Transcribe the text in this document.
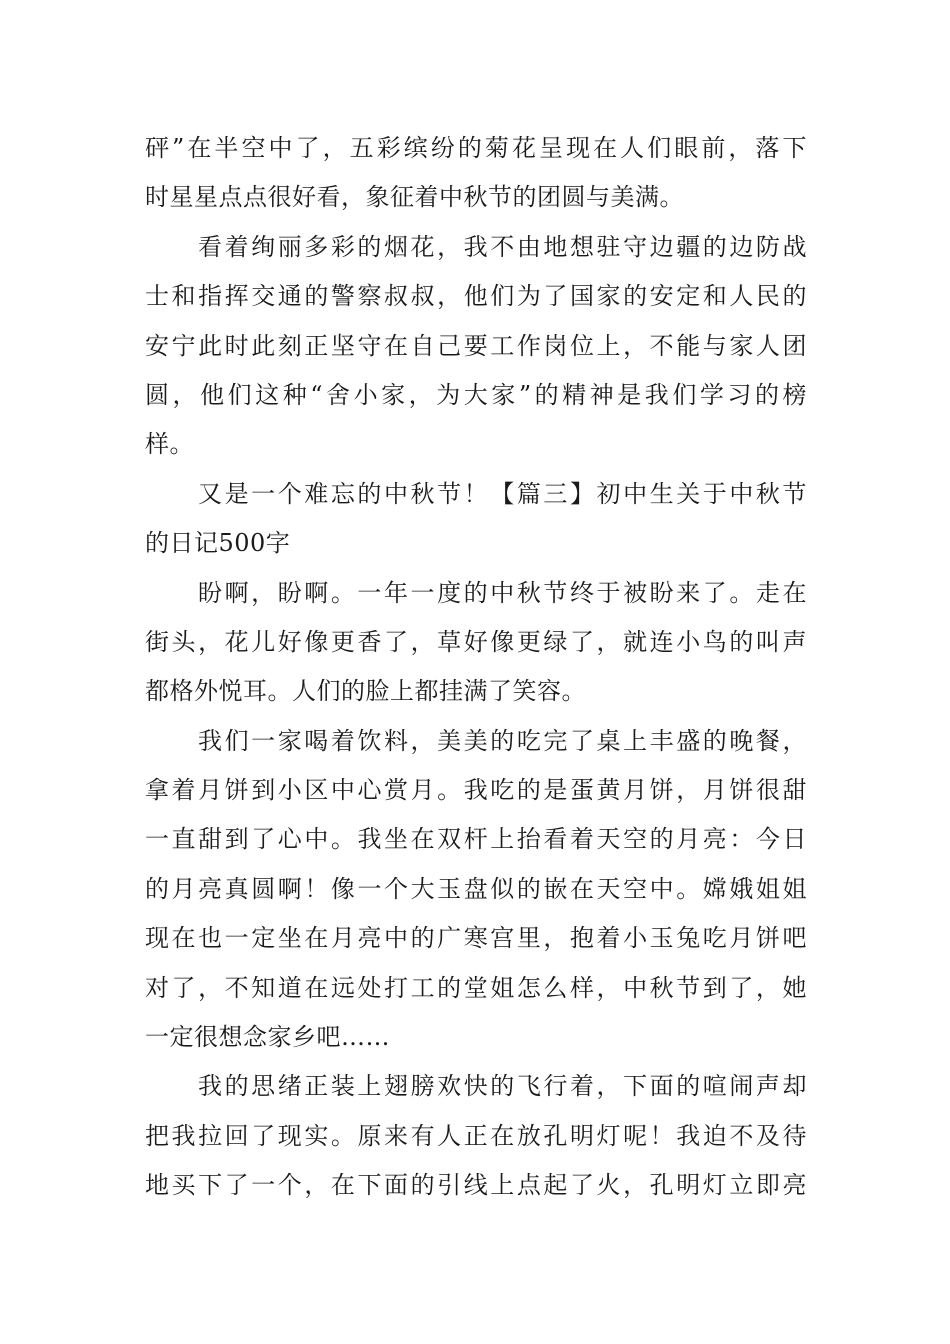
砰”在半空中了，五彩缤纷的菊花呈现在人们眼前，落下
时星星点点很好看，象征着中秋节的团圆与美满。
看着绚丽多彩的烟花，我不由地想驻守边疆的边防战
士和指挥交通的警察叔叔，他们为了国家的安定和人民的
安宁此时此刻正坚守在自己要工作岗位上，不能与家人团
圆，他们这种“舍小家，为大家”的精神是我们学习的榜
样。
又是一个难忘的中秋节！【篇三】初中生关于中秋节
的日记500字
盼啊，盼啊。一年一度的中秋节终于被盼来了。走在
街头，花儿好像更香了，草好像更绿了，就连小鸟的叫声
都格外悦耳。人们的脸上都挂满了笑容。
我们一家喝着饮料，美美的吃完了桌上丰盛的晚餐，
拿着月饼到小区中心赏月。我吃的是蛋黄月饼，月饼很甜
一直甜到了心中。我坐在双杆上抬看着天空的月亮：今日
的月亮真圆啊！像一个大玉盘似的嵌在天空中。嫦娥姐姐
现在也一定坐在月亮中的广寒宫里，抱着小玉兔吃月饼吧
对了，不知道在远处打工的堂姐怎么样，中秋节到了，她
一定很想念家乡吧……
我的思绪正装上翅膀欢快的飞行着，下面的喧闹声却
把我拉回了现实。原来有人正在放孔明灯呢！我迫不及待
地买下了一个，在下面的引线上点起了火，孔明灯立即亮
